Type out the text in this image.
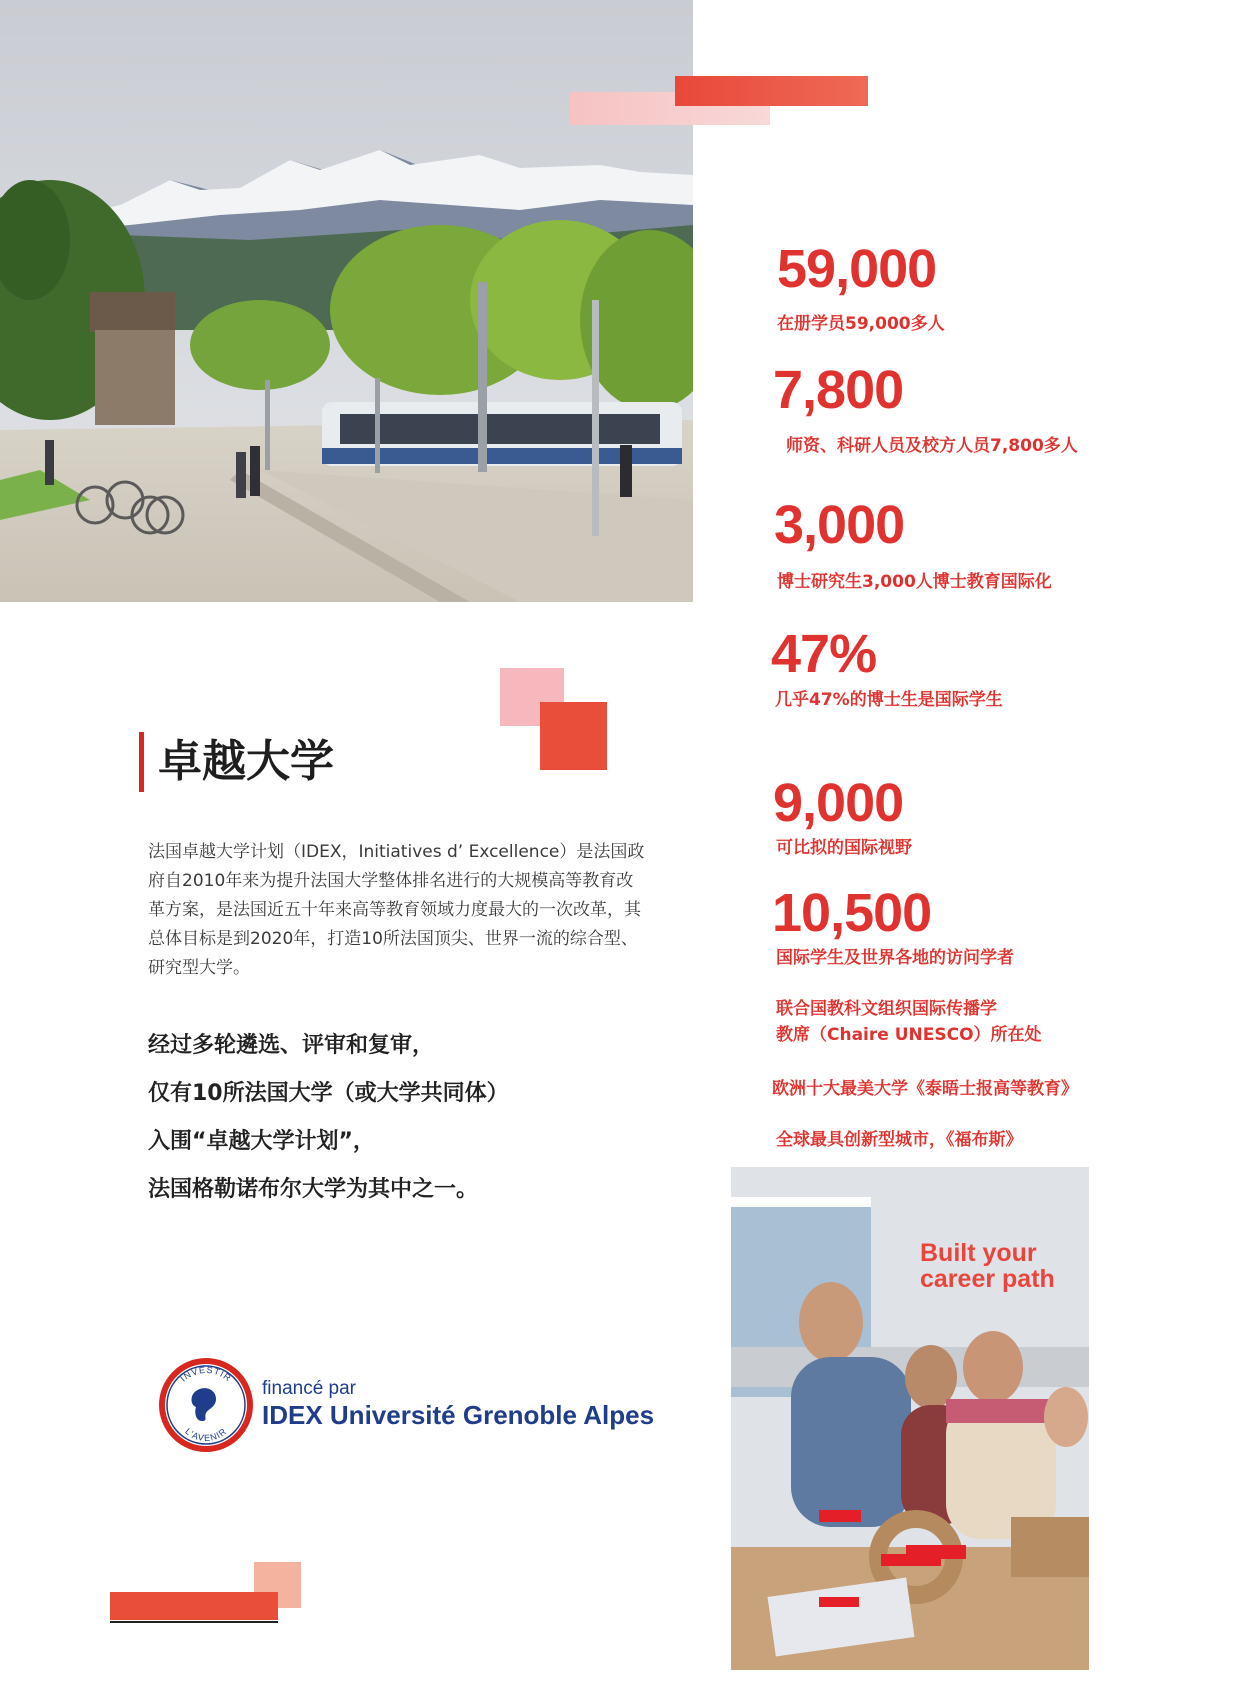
59,000
在册学员59,000多人
7,800
师资、科研人员及校方人员7,800多人
3,000
博士研究生3,000人博士教育国际化
47%
几乎47%的博士生是国际学生
9,000
可比拟的国际视野
10,500
国际学生及世界各地的访问学者
联合国教科文组织国际传播学
教席（Chaire UNESCO）所在处
欧洲十大最美大学《泰晤士报高等教育》
全球最具创新型城市，《福布斯》
卓越大学
法国卓越大学计划（IDEX，Initiatives d’ Excellence）是法国政府自2010年来为提升法国大学整体排名进行的大规模高等教育改革方案，是法国近五十年来高等教育领域力度最大的一次改革，其总体目标是到2020年，打造10所法国顶尖、世界一流的综合型、研究型大学。
经过多轮遴选、评审和复审，
仅有10所法国大学（或大学共同体）
入围“卓越大学计划”，
法国格勒诺布尔大学为其中之一。
INVESTIR
L'AVENIR
financé par
IDEX Université Grenoble Alpes
Built your
career path
